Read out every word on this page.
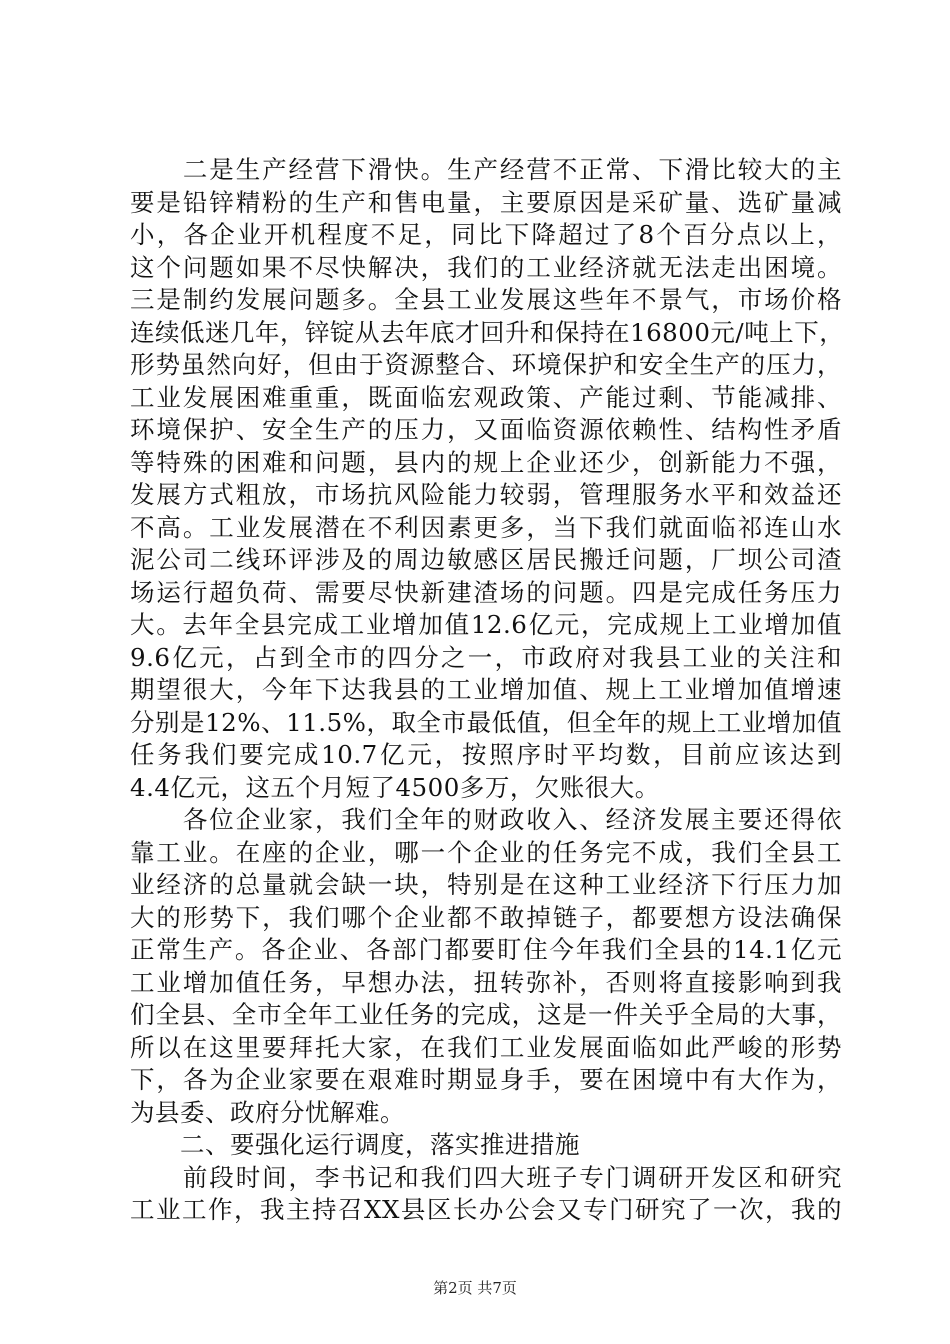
　　二是生产经营下滑快。生产经营不正常、下滑比较大的主
要是铅锌精粉的生产和售电量，主要原因是采矿量、选矿量减
小，各企业开机程度不足，同比下降超过了8个百分点以上，
这个问题如果不尽快解决，我们的工业经济就无法走出困境。
三是制约发展问题多。全县工业发展这些年不景气，市场价格
连续低迷几年，锌锭从去年底才回升和保持在16800元/吨上下，
形势虽然向好，但由于资源整合、环境保护和安全生产的压力，
工业发展困难重重，既面临宏观政策、产能过剩、节能减排、
环境保护、安全生产的压力，又面临资源依赖性、结构性矛盾
等特殊的困难和问题，县内的规上企业还少，创新能力不强，
发展方式粗放，市场抗风险能力较弱，管理服务水平和效益还
不高。工业发展潜在不利因素更多，当下我们就面临祁连山水
泥公司二线环评涉及的周边敏感区居民搬迁问题，厂坝公司渣
场运行超负荷、需要尽快新建渣场的问题。四是完成任务压力
大。去年全县完成工业增加值12.6亿元，完成规上工业增加值
9.6亿元，占到全市的四分之一，市政府对我县工业的关注和
期望很大，今年下达我县的工业增加值、规上工业增加值增速
分别是12%、11.5%，取全市最低值，但全年的规上工业增加值
任务我们要完成10.7亿元，按照序时平均数，目前应该达到
4.4亿元，这五个月短了4500多万，欠账很大。
　　各位企业家，我们全年的财政收入、经济发展主要还得依
靠工业。在座的企业，哪一个企业的任务完不成，我们全县工
业经济的总量就会缺一块，特别是在这种工业经济下行压力加
大的形势下，我们哪个企业都不敢掉链子，都要想方设法确保
正常生产。各企业、各部门都要盯住今年我们全县的14.1亿元
工业增加值任务，早想办法，扭转弥补，否则将直接影响到我
们全县、全市全年工业任务的完成，这是一件关乎全局的大事，
所以在这里要拜托大家，在我们工业发展面临如此严峻的形势
下，各为企业家要在艰难时期显身手，要在困境中有大作为，
为县委、政府分忧解难。
　　二、要强化运行调度，落实推进措施
　　前段时间，李书记和我们四大班子专门调研开发区和研究
工业工作，我主持召XX县区长办公会又专门研究了一次，我的
第2页 共7页
